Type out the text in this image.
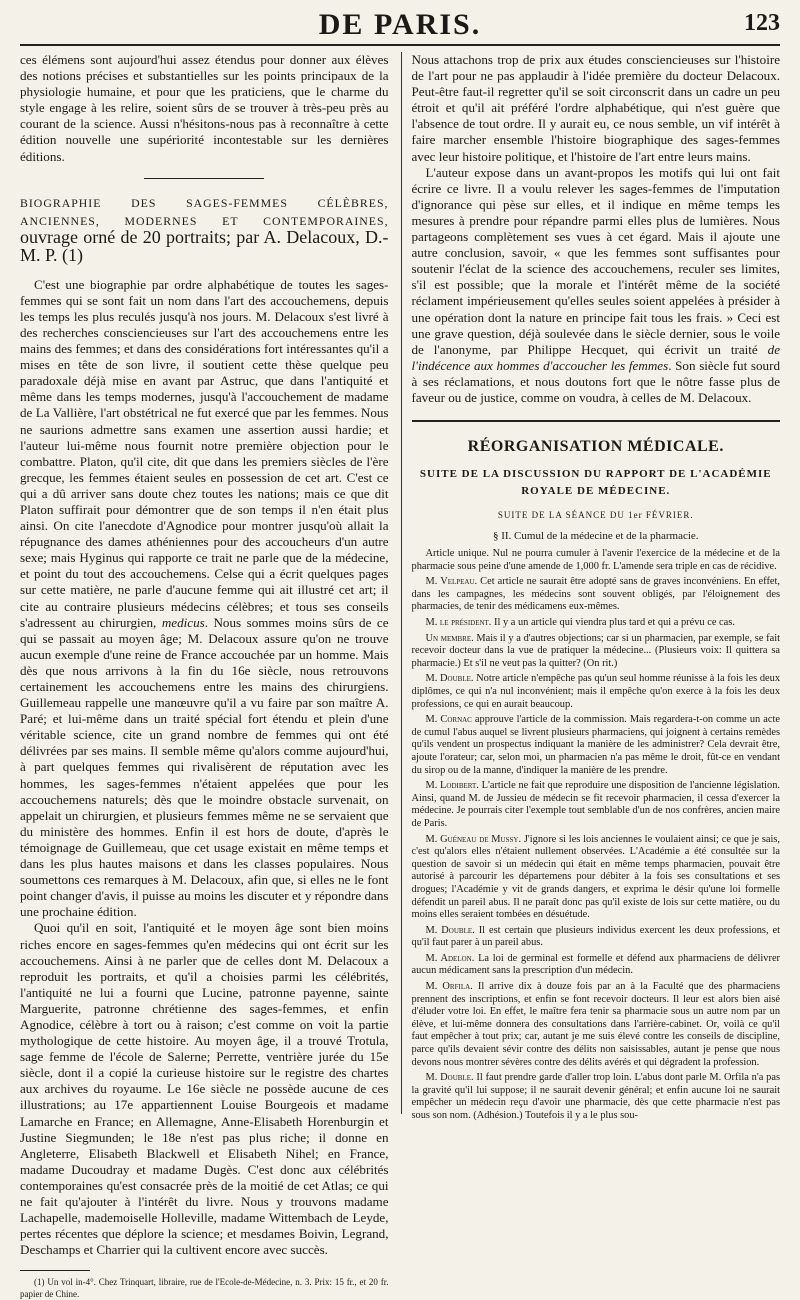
DE PARIS.	123

ces élémens sont aujourd'hui assez étendus pour donner aux élèves des notions précises et substantielles sur les points principaux de la physiologie humaine, et pour que les praticiens, que le charme du style engage à les relire, soient sûrs de se trouver à très-peu près au courant de la science. Aussi n'hésitons-nous pas à reconnaître à cette édition nouvelle une supériorité incontestable sur les dernières éditions.

BIOGRAPHIE DES SAGES-FEMMES CÉLÈBRES, ANCIENNES, MODERNES ET CONTEMPORAINES, ouvrage orné de 20 portraits; par A. Delacoux, D.-M. P. (1)

C'est une biographie par ordre alphabétique de toutes les sages-femmes qui se sont fait un nom dans l'art des accouchemens, depuis les temps les plus reculés jusqu'à nos jours. M. Delacoux s'est livré à des recherches consciencieuses sur l'art des accouchemens entre les mains des femmes; et dans des considérations fort intéressantes qu'il a mises en tête de son livre, il soutient cette thèse quelque peu paradoxale déjà mise en avant par Astruc, que dans l'antiquité et même dans les temps modernes, jusqu'à l'accouchement de madame de La Vallière, l'art obstétrical ne fut exercé que par les femmes. Nous ne saurions admettre sans examen une assertion aussi hardie; et l'auteur lui-même nous fournit notre première objection pour le combattre. Platon, qu'il cite, dit que dans les premiers siècles de l'ère grecque, les femmes étaient seules en possession de cet art. C'est ce qui a dû arriver sans doute chez toutes les nations; mais ce que dit Platon suffirait pour démontrer que de son temps il n'en était plus ainsi. On cite l'anecdote d'Agnodice pour montrer jusqu'où allait la répugnance des dames athéniennes pour des accoucheurs d'un autre sexe; mais Hyginus qui rapporte ce trait ne parle que de la médecine, et point du tout des accouchemens. Celse qui a écrit quelques pages sur cette matière, ne parle d'aucune femme qui ait illustré cet art; il cite au contraire plusieurs médecins célèbres; et tous ses conseils s'adressent au chirurgien, medicus. Nous sommes moins sûrs de ce qui se passait au moyen âge; M. Delacoux assure qu'on ne trouve aucun exemple d'une reine de France accouchée par un homme. Mais dès que nous arrivons à la fin du 16e siècle, nous retrouvons certainement les accouchemens entre les mains des chirurgiens. Guillemeau rappelle une manœuvre qu'il a vu faire par son maître A. Paré; et lui-même dans un traité spécial fort étendu et plein d'une véritable science, cite un grand nombre de femmes qui ont été délivrées par ses mains. Il semble même qu'alors comme aujourd'hui, à part quelques femmes qui rivalisèrent de réputation avec les hommes, les sages-femmes n'étaient appelées que pour les accouchemens naturels; dès que le moindre obstacle survenait, on appelait un chirurgien, et plusieurs femmes même ne se servaient que du ministère des hommes. Enfin il est hors de doute, d'après le témoignage de Guillemeau, que cet usage existait en même temps et dans les plus hautes maisons et dans les classes populaires. Nous soumettons ces remarques à M. Delacoux, afin que, si elles ne le font point changer d'avis, il puisse au moins les discuter et y répondre dans une prochaine édition.

Quoi qu'il en soit, l'antiquité et le moyen âge sont bien moins riches encore en sages-femmes qu'en médecins qui ont écrit sur les accouchemens. Ainsi à ne parler que de celles dont M. Delacoux a reproduit les portraits, et qu'il a choisies parmi les célébrités, l'antiquité ne lui a fourni que Lucine, patronne payenne, sainte Marguerite, patronne chrétienne des sages-femmes, et enfin Agnodice, célèbre à tort ou à raison; c'est comme on voit la partie mythologique de cette histoire. Au moyen âge, il a trouvé Trotula, sage femme de l'école de Salerne; Perrette, ventrière jurée du 15e siècle, dont il a copié la curieuse histoire sur le registre des chartes aux archives du royaume. Le 16e siècle ne possède aucune de ces illustrations; au 17e appartiennent Louise Bourgeois et madame Lamarche en France; en Allemagne, Anne-Elisabeth Horenburgin et Justine Siegmunden; le 18e n'est pas plus riche; il donne en Angleterre, Elisabeth Blackwell et Elisabeth Nihel; en France, madame Ducoudray et madame Dugès. C'est donc aux célébrités contemporaines qu'est consacrée près de la moitié de cet Atlas; ce qui ne fait qu'ajouter à l'intérêt du livre. Nous y trouvons madame Lachapelle, mademoiselle Holleville, madame Wittembach de Leyde, pertes récentes que déplore la science; et mesdames Boivin, Legrand, Deschamps et Charrier qui la cultivent encore avec succès.

(1) Un vol in-4°. Chez Trinquart, libraire, rue de l'Ecole-de-Médecine, n. 3. Prix: 15 fr., et 20 fr. papier de Chine.

Nous attachons trop de prix aux études consciencieuses sur l'histoire de l'art pour ne pas applaudir à l'idée première du docteur Delacoux. Peut-être faut-il regretter qu'il se soit circonscrit dans un cadre un peu étroit et qu'il ait préféré l'ordre alphabétique, qui n'est guère que l'absence de tout ordre. Il y aurait eu, ce nous semble, un vif intérêt à faire marcher ensemble l'histoire biographique des sages-femmes avec leur histoire politique, et l'histoire de l'art entre leurs mains.

L'auteur expose dans un avant-propos les motifs qui lui ont fait écrire ce livre. Il a voulu relever les sages-femmes de l'imputation d'ignorance qui pèse sur elles, et il indique en même temps les mesures à prendre pour répandre parmi elles plus de lumières. Nous partageons complètement ses vues à cet égard. Mais il ajoute une autre conclusion, savoir, « que les femmes sont suffisantes pour soutenir l'éclat de la science des accouchemens, reculer ses limites, s'il est possible; que la morale et l'intérêt même de la société réclament impérieusement qu'elles seules soient appelées à présider à une opération dont la nature en principe fait tous les frais. » Ceci est une grave question, déjà soulevée dans le siècle dernier, sous le voile de l'anonyme, par Philippe Hecquet, qui écrivit un traité de l'indécence aux hommes d'accoucher les femmes. Son siècle fut sourd à ses réclamations, et nous doutons fort que le nôtre fasse plus de faveur ou de justice, comme on voudra, à celles de M. Delacoux.

RÉORGANISATION MÉDICALE.
SUITE DE LA DISCUSSION DU RAPPORT DE L'ACADÉMIE ROYALE DE MÉDECINE.
SUITE DE LA SÉANCE DU 1er FÉVRIER.
§ II. Cumul de la médecine et de la pharmacie.

Article unique. Nul ne pourra cumuler à l'avenir l'exercice de la médecine et de la pharmacie sous peine d'une amende de 1,000 fr. L'amende sera triple en cas de récidive.

M. Velpeau. Cet article ne saurait être adopté sans de graves inconvéniens. En effet, dans les campagnes, les médecins sont souvent obligés, par l'éloignement des pharmacies, de tenir des médicamens eux-mêmes.

M. le président. Il y a un article qui viendra plus tard et qui a prévu ce cas.

Un membre. Mais il y a d'autres objections; car si un pharmacien, par exemple, se fait recevoir docteur dans la vue de pratiquer la médecine... (Plusieurs voix: Il quittera sa pharmacie.) Et s'il ne veut pas la quitter? (On rit.)

M. Double. Notre article n'empêche pas qu'un seul homme réunisse à la fois les deux diplômes, ce qui n'a nul inconvénient; mais il empêche qu'on exerce à la fois les deux professions, ce qui en aurait beaucoup.

M. Cornac approuve l'article de la commission. Mais regardera-t-on comme un acte de cumul l'abus auquel se livrent plusieurs pharmaciens, qui joignent à certains remèdes qu'ils vendent un prospectus indiquant la manière de les administrer? Cela devrait être, ajoute l'orateur; car, selon moi, un pharmacien n'a pas même le droit, fût-ce en vendant du sirop ou de la manne, d'indiquer la manière de les prendre.

M. Lodibert. L'article ne fait que reproduire une disposition de l'ancienne législation. Ainsi, quand M. de Jussieu de médecin se fit recevoir pharmacien, il cessa d'exercer la médecine. Je pourrais citer l'exemple tout semblable d'un de nos confrères, ancien maire de Paris.

M. Guéneau de Mussy. J'ignore si les lois anciennes le voulaient ainsi; ce que je sais, c'est qu'alors elles n'étaient nullement observées. L'Académie a été consultée sur la question de savoir si un médecin qui était en même temps pharmacien, pouvait être autorisé à parcourir les départemens pour débiter à la fois ses consultations et ses drogues; l'Académie y vit de grands dangers, et exprima le désir qu'une loi formelle défendit un pareil abus. Il ne paraît donc pas qu'il existe de lois sur cette matière, ou du moins elles seraient tombées en désuétude.

M. Double. Il est certain que plusieurs individus exercent les deux professions, et qu'il faut parer à un pareil abus.

M. Adelon. La loi de germinal est formelle et défend aux pharmaciens de délivrer aucun médicament sans la prescription d'un médecin.

M. Orfila. Il arrive dix à douze fois par an à la Faculté que des pharmaciens prennent des inscriptions, et enfin se font recevoir docteurs. Il leur est alors bien aisé d'éluder votre loi. En effet, le maître fera tenir sa pharmacie sous un autre nom par un élève, et lui-même donnera des consultations dans l'arrière-cabinet. Or, voilà ce qu'il faut empêcher à tout prix; car, autant je me suis élevé contre les conseils de discipline, parce qu'ils devaient sévir contre des délits non saisissables, autant je pense que nous devons nous montrer sévères contre des délits avérés et qui dégradent la profession.

M. Double. Il faut prendre garde d'aller trop loin. L'abus dont parle M. Orfila n'a pas la gravité qu'il lui suppose; il ne saurait devenir général; et enfin aucune loi ne saurait empêcher un médecin reçu d'avoir une pharmacie, dès que cette pharmacie n'est pas sous son nom. (Adhésion.) Toutefois il y a le plus sou-
